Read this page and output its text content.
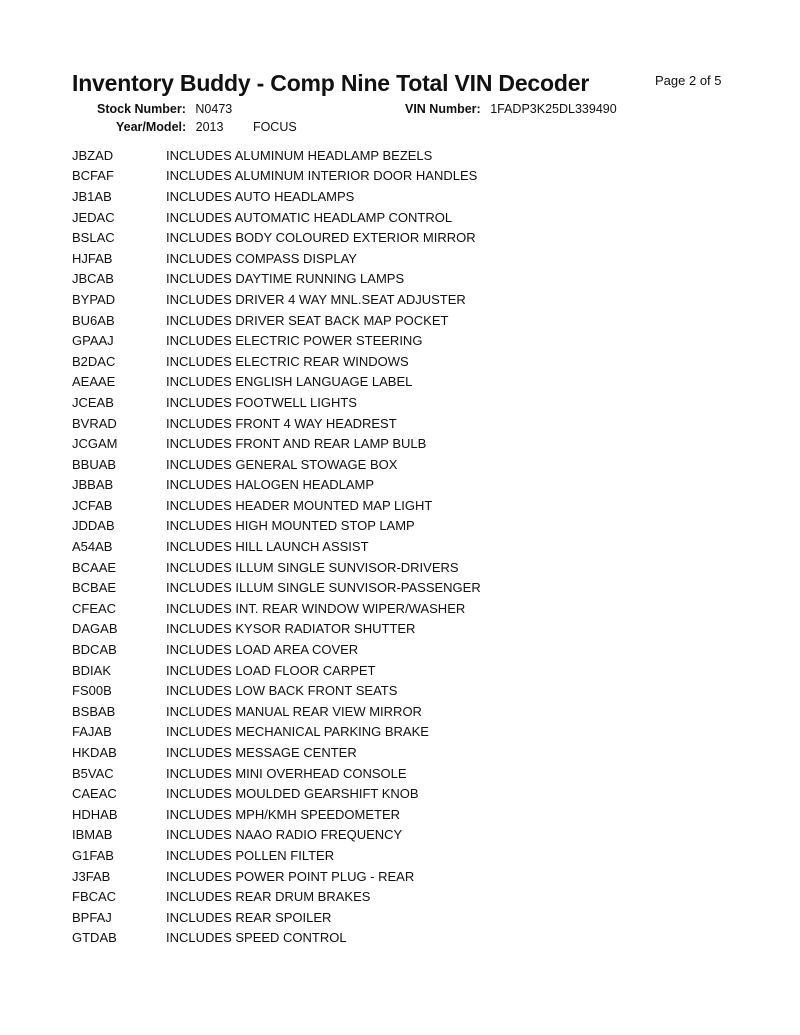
Inventory Buddy - Comp Nine Total VIN Decoder	Page 2 of 5
Stock Number: N0473	VIN Number: 1FADP3K25DL339490
Year/Model: 2013 FOCUS
JBZAD	INCLUDES ALUMINUM HEADLAMP BEZELS
BCFAF	INCLUDES ALUMINUM INTERIOR DOOR HANDLES
JB1AB	INCLUDES AUTO HEADLAMPS
JEDAC	INCLUDES AUTOMATIC HEADLAMP CONTROL
BSLAC	INCLUDES BODY COLOURED EXTERIOR MIRROR
HJFAB	INCLUDES COMPASS DISPLAY
JBCAB	INCLUDES DAYTIME RUNNING LAMPS
BYPAD	INCLUDES DRIVER 4 WAY MNL.SEAT ADJUSTER
BU6AB	INCLUDES DRIVER SEAT BACK MAP POCKET
GPAAJ	INCLUDES ELECTRIC POWER STEERING
B2DAC	INCLUDES ELECTRIC REAR WINDOWS
AEAAE	INCLUDES ENGLISH LANGUAGE LABEL
JCEAB	INCLUDES FOOTWELL LIGHTS
BVRAD	INCLUDES FRONT 4 WAY HEADREST
JCGAM	INCLUDES FRONT AND REAR LAMP BULB
BBUAB	INCLUDES GENERAL STOWAGE BOX
JBBAB	INCLUDES HALOGEN HEADLAMP
JCFAB	INCLUDES HEADER MOUNTED MAP LIGHT
JDDAB	INCLUDES HIGH MOUNTED STOP LAMP
A54AB	INCLUDES HILL LAUNCH ASSIST
BCAAE	INCLUDES ILLUM SINGLE SUNVISOR-DRIVERS
BCBAE	INCLUDES ILLUM SINGLE SUNVISOR-PASSENGER
CFEAC	INCLUDES INT. REAR WINDOW WIPER/WASHER
DAGAB	INCLUDES KYSOR RADIATOR SHUTTER
BDCAB	INCLUDES LOAD AREA COVER
BDIAK	INCLUDES LOAD FLOOR CARPET
FS00B	INCLUDES LOW BACK FRONT SEATS
BSBAB	INCLUDES MANUAL REAR VIEW MIRROR
FAJAB	INCLUDES MECHANICAL PARKING BRAKE
HKDAB	INCLUDES MESSAGE CENTER
B5VAC	INCLUDES MINI OVERHEAD CONSOLE
CAEAC	INCLUDES MOULDED GEARSHIFT KNOB
HDHAB	INCLUDES MPH/KMH SPEEDOMETER
IBMAB	INCLUDES NAAO RADIO FREQUENCY
G1FAB	INCLUDES POLLEN FILTER
J3FAB	INCLUDES POWER POINT PLUG - REAR
FBCAC	INCLUDES REAR DRUM BRAKES
BPFAJ	INCLUDES REAR SPOILER
GTDAB	INCLUDES SPEED CONTROL
